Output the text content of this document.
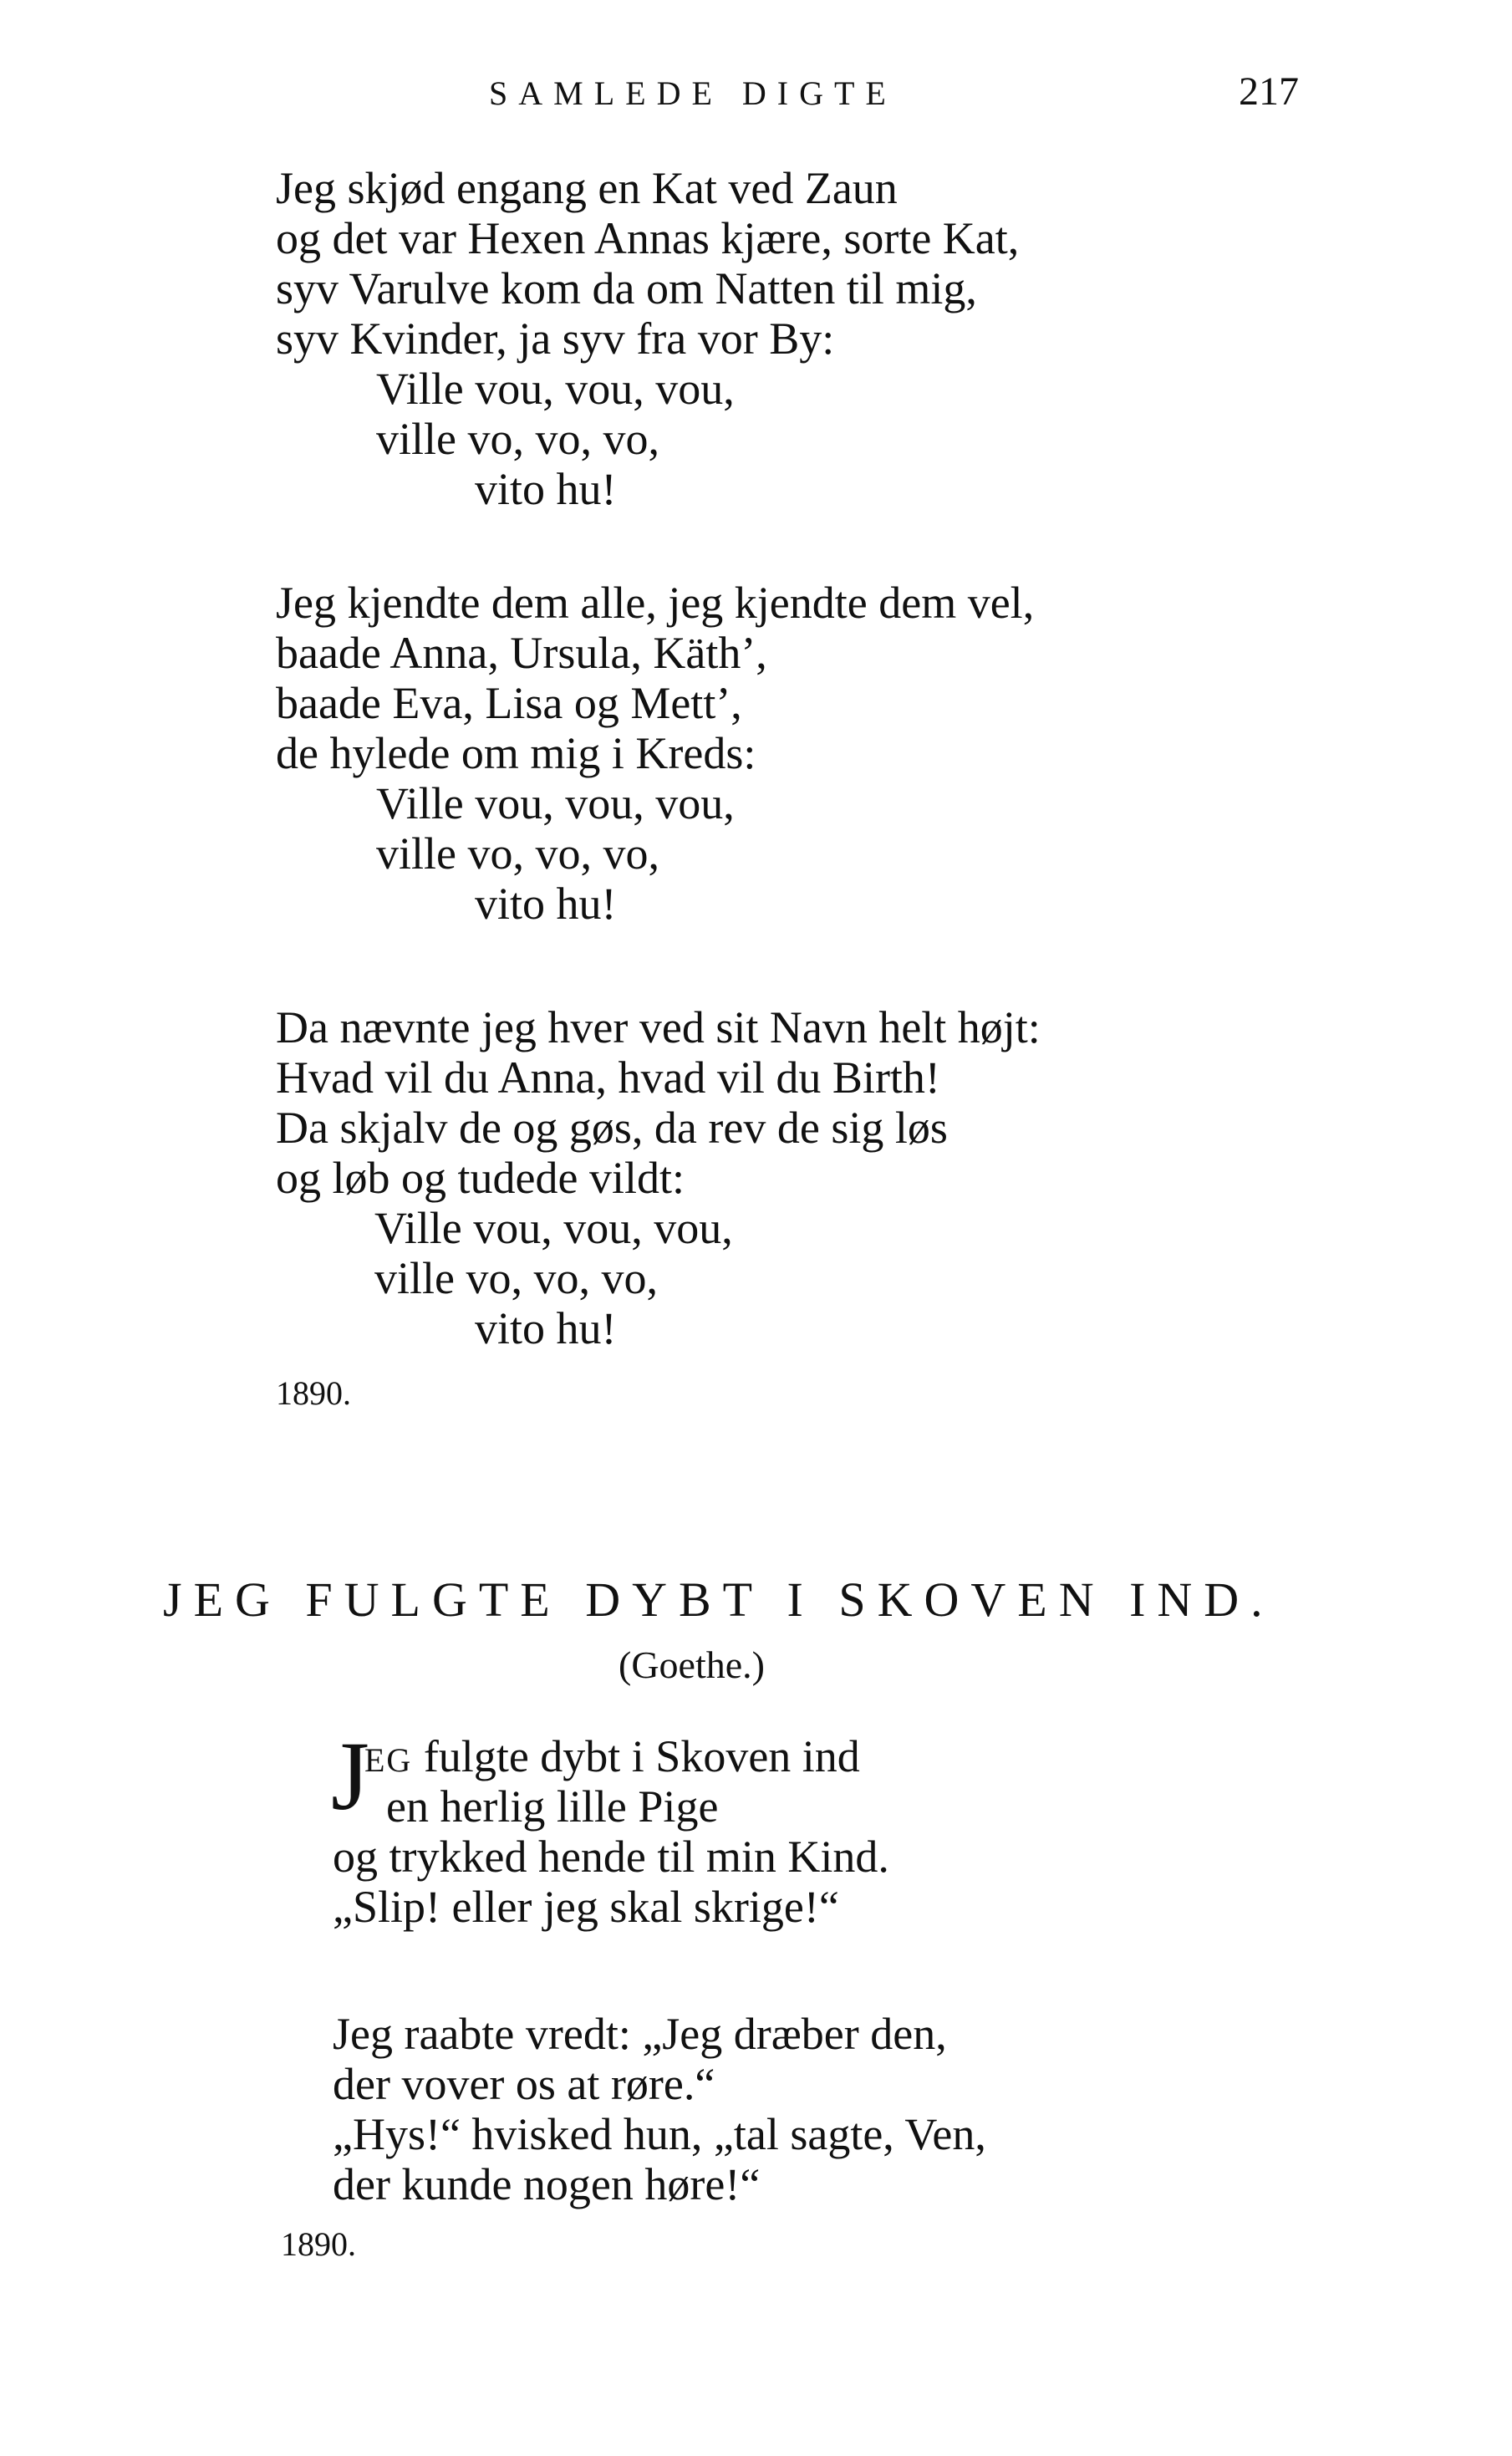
SAMLEDE DIGTE	217
Jeg skjød engang en Kat ved Zaun
og det var Hexen Annas kjære, sorte Kat,
syv Varulve kom da om Natten til mig,
syv Kvinder, ja syv fra vor By:
Ville vou, vou, vou,
ville vo, vo, vo,
vito hu!
Jeg kjendte dem alle, jeg kjendte dem vel,
baade Anna, Ursula, Käth’,
baade Eva, Lisa og Mett’,
de hylede om mig i Kreds:
Ville vou, vou, vou,
ville vo, vo, vo,
vito hu!
Da nævnte jeg hver ved sit Navn helt højt:
Hvad vil du Anna, hvad vil du Birth!
Da skjalv de og gøs, da rev de sig løs
og løb og tudede vildt:
Ville vou, vou, vou,
ville vo, vo, vo,
vito hu!
1890.
JEG FULGTE DYBT I SKOVEN IND.
(Goethe.)
J
EG fulgte dybt i Skoven ind
en herlig lille Pige
og trykked hende til min Kind.
„Slip! eller jeg skal skrige!“
Jeg raabte vredt: „Jeg dræber den,
der vover os at røre.“
„Hys!“ hvisked hun, „tal sagte, Ven,
der kunde nogen høre!“
1890.
